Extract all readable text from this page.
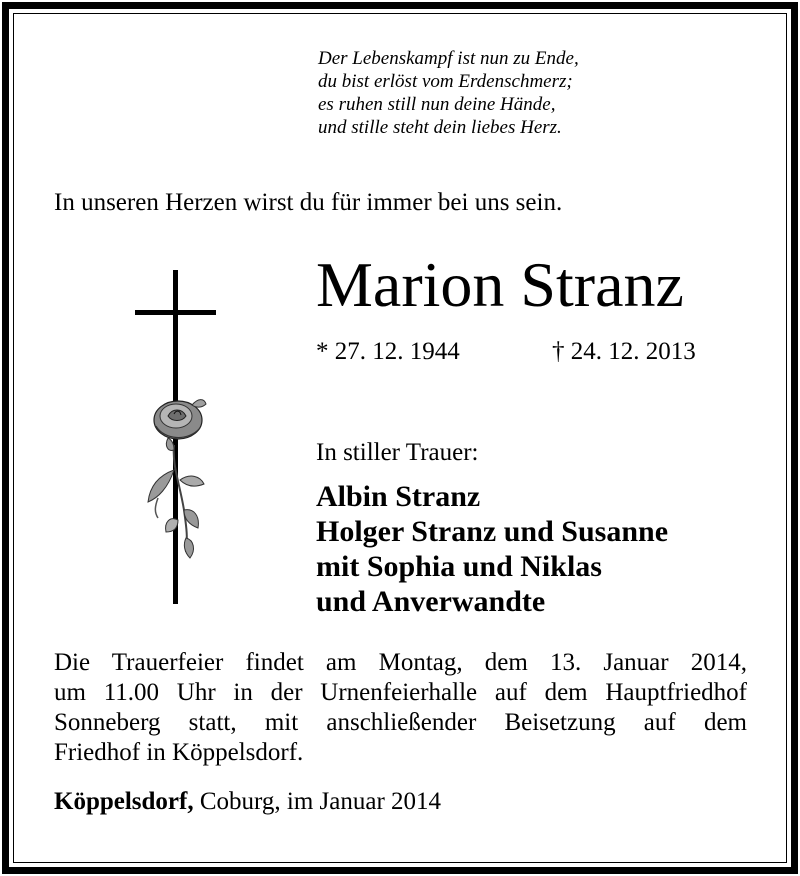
Der Lebenskampf ist nun zu Ende,
du bist erlöst vom Erdenschmerz;
es ruhen still nun deine Hände,
und stille steht dein liebes Herz.
In unseren Herzen wirst du für immer bei uns sein.
Marion Stranz
* 27. 12. 1944	† 24. 12. 2013
In stiller Trauer:
Albin Stranz
Holger Stranz und Susanne
mit Sophia und Niklas
und Anverwandte
Die Trauerfeier findet am Montag, dem 13. Januar 2014,
um 11.00 Uhr in der Urnenfeierhalle auf dem Hauptfriedhof
Sonneberg statt, mit anschließender Beisetzung auf dem
Friedhof in Köppelsdorf.
Köppelsdorf, Coburg, im Januar 2014
